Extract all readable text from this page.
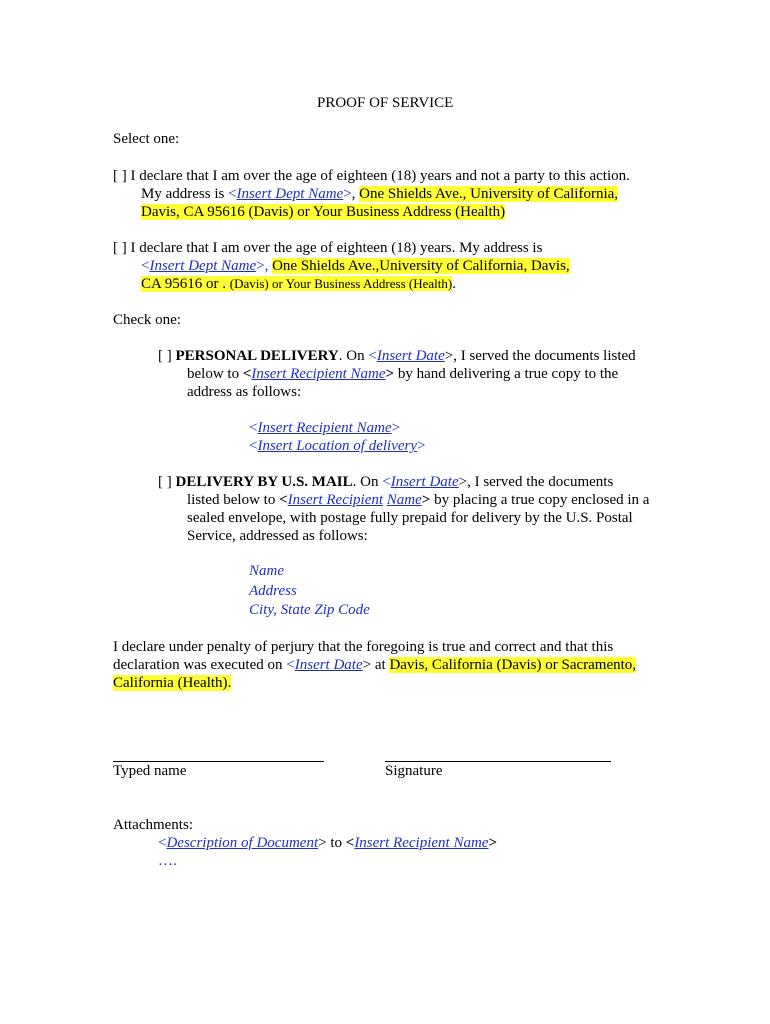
PROOF OF SERVICE
Select one:
[ ] I declare that I am over the age of eighteen (18) years and not a party to this action.
My address is <Insert Dept Name>, One Shields Ave., University of California,
Davis, CA 95616 (Davis) or Your Business Address (Health)
[ ] I declare that I am over the age of eighteen (18) years. My address is
<Insert Dept Name>, One Shields Ave.,University of California, Davis,
CA 95616 or . (Davis) or Your Business Address (Health).
Check one:
[ ] PERSONAL DELIVERY. On <Insert Date>, I served the documents listed
below to <Insert Recipient Name> by hand delivering a true copy to the
address as follows:
<Insert Recipient Name>
<Insert Location of delivery>
[ ] DELIVERY BY U.S. MAIL. On <Insert Date>, I served the documents
listed below to <Insert Recipient Name> by placing a true copy enclosed in a
sealed envelope, with postage fully prepaid for delivery by the U.S. Postal
Service, addressed as follows:
Name
Address
City, State Zip Code
I declare under penalty of perjury that the foregoing is true and correct and that this
declaration was executed on <Insert Date> at Davis, California (Davis) or Sacramento,
California (Health).
Typed name	Signature
Attachments:
<Description of Document> to <Insert Recipient Name>
….
